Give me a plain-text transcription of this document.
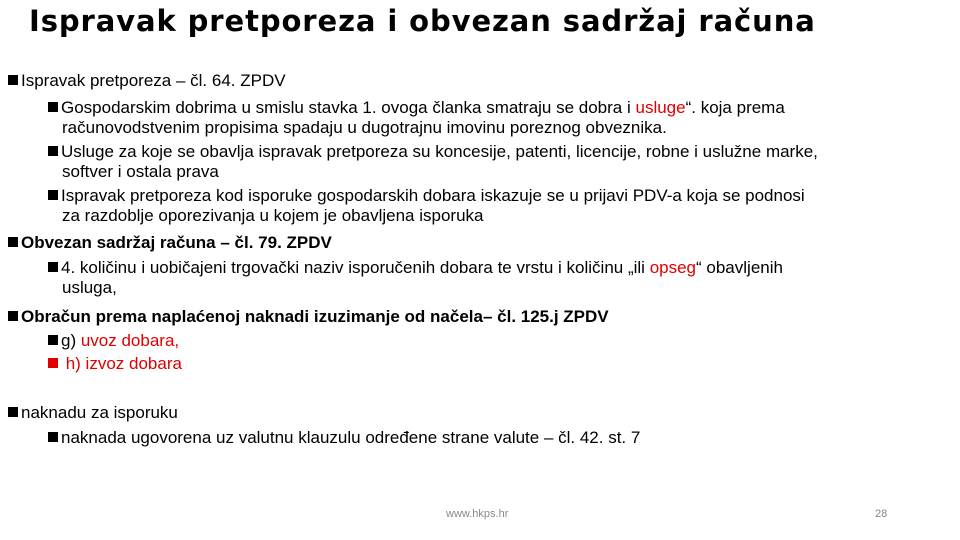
Ispravak pretporeza i obvezan sadržaj računa
Ispravak pretporeza – čl. 64. ZPDV
Gospodarskim dobrima u smislu stavka 1. ovoga članka smatraju se dobra i usluge“. koja prema
računovodstvenim propisima spadaju u dugotrajnu imovinu poreznog obveznika.
Usluge za koje se obavlja ispravak pretporeza su koncesije, patenti, licencije, robne i uslužne marke,
softver i ostala prava
Ispravak pretporeza kod isporuke gospodarskih dobara iskazuje se u prijavi PDV-a koja se podnosi
za razdoblje oporezivanja u kojem je obavljena isporuka
Obvezan sadržaj računa – čl. 79. ZPDV
4. količinu i uobičajeni trgovački naziv isporučenih dobara te vrstu i količinu „ili opseg“ obavljenih
usluga,
Obračun prema naplaćenoj naknadi izuzimanje od načela– čl. 125.j ZPDV
g) uvoz dobara,
h) izvoz dobara
naknadu za isporuku
naknada ugovorena uz valutnu klauzulu određene strane valute – čl. 42. st. 7
www.hkps.hr	28
